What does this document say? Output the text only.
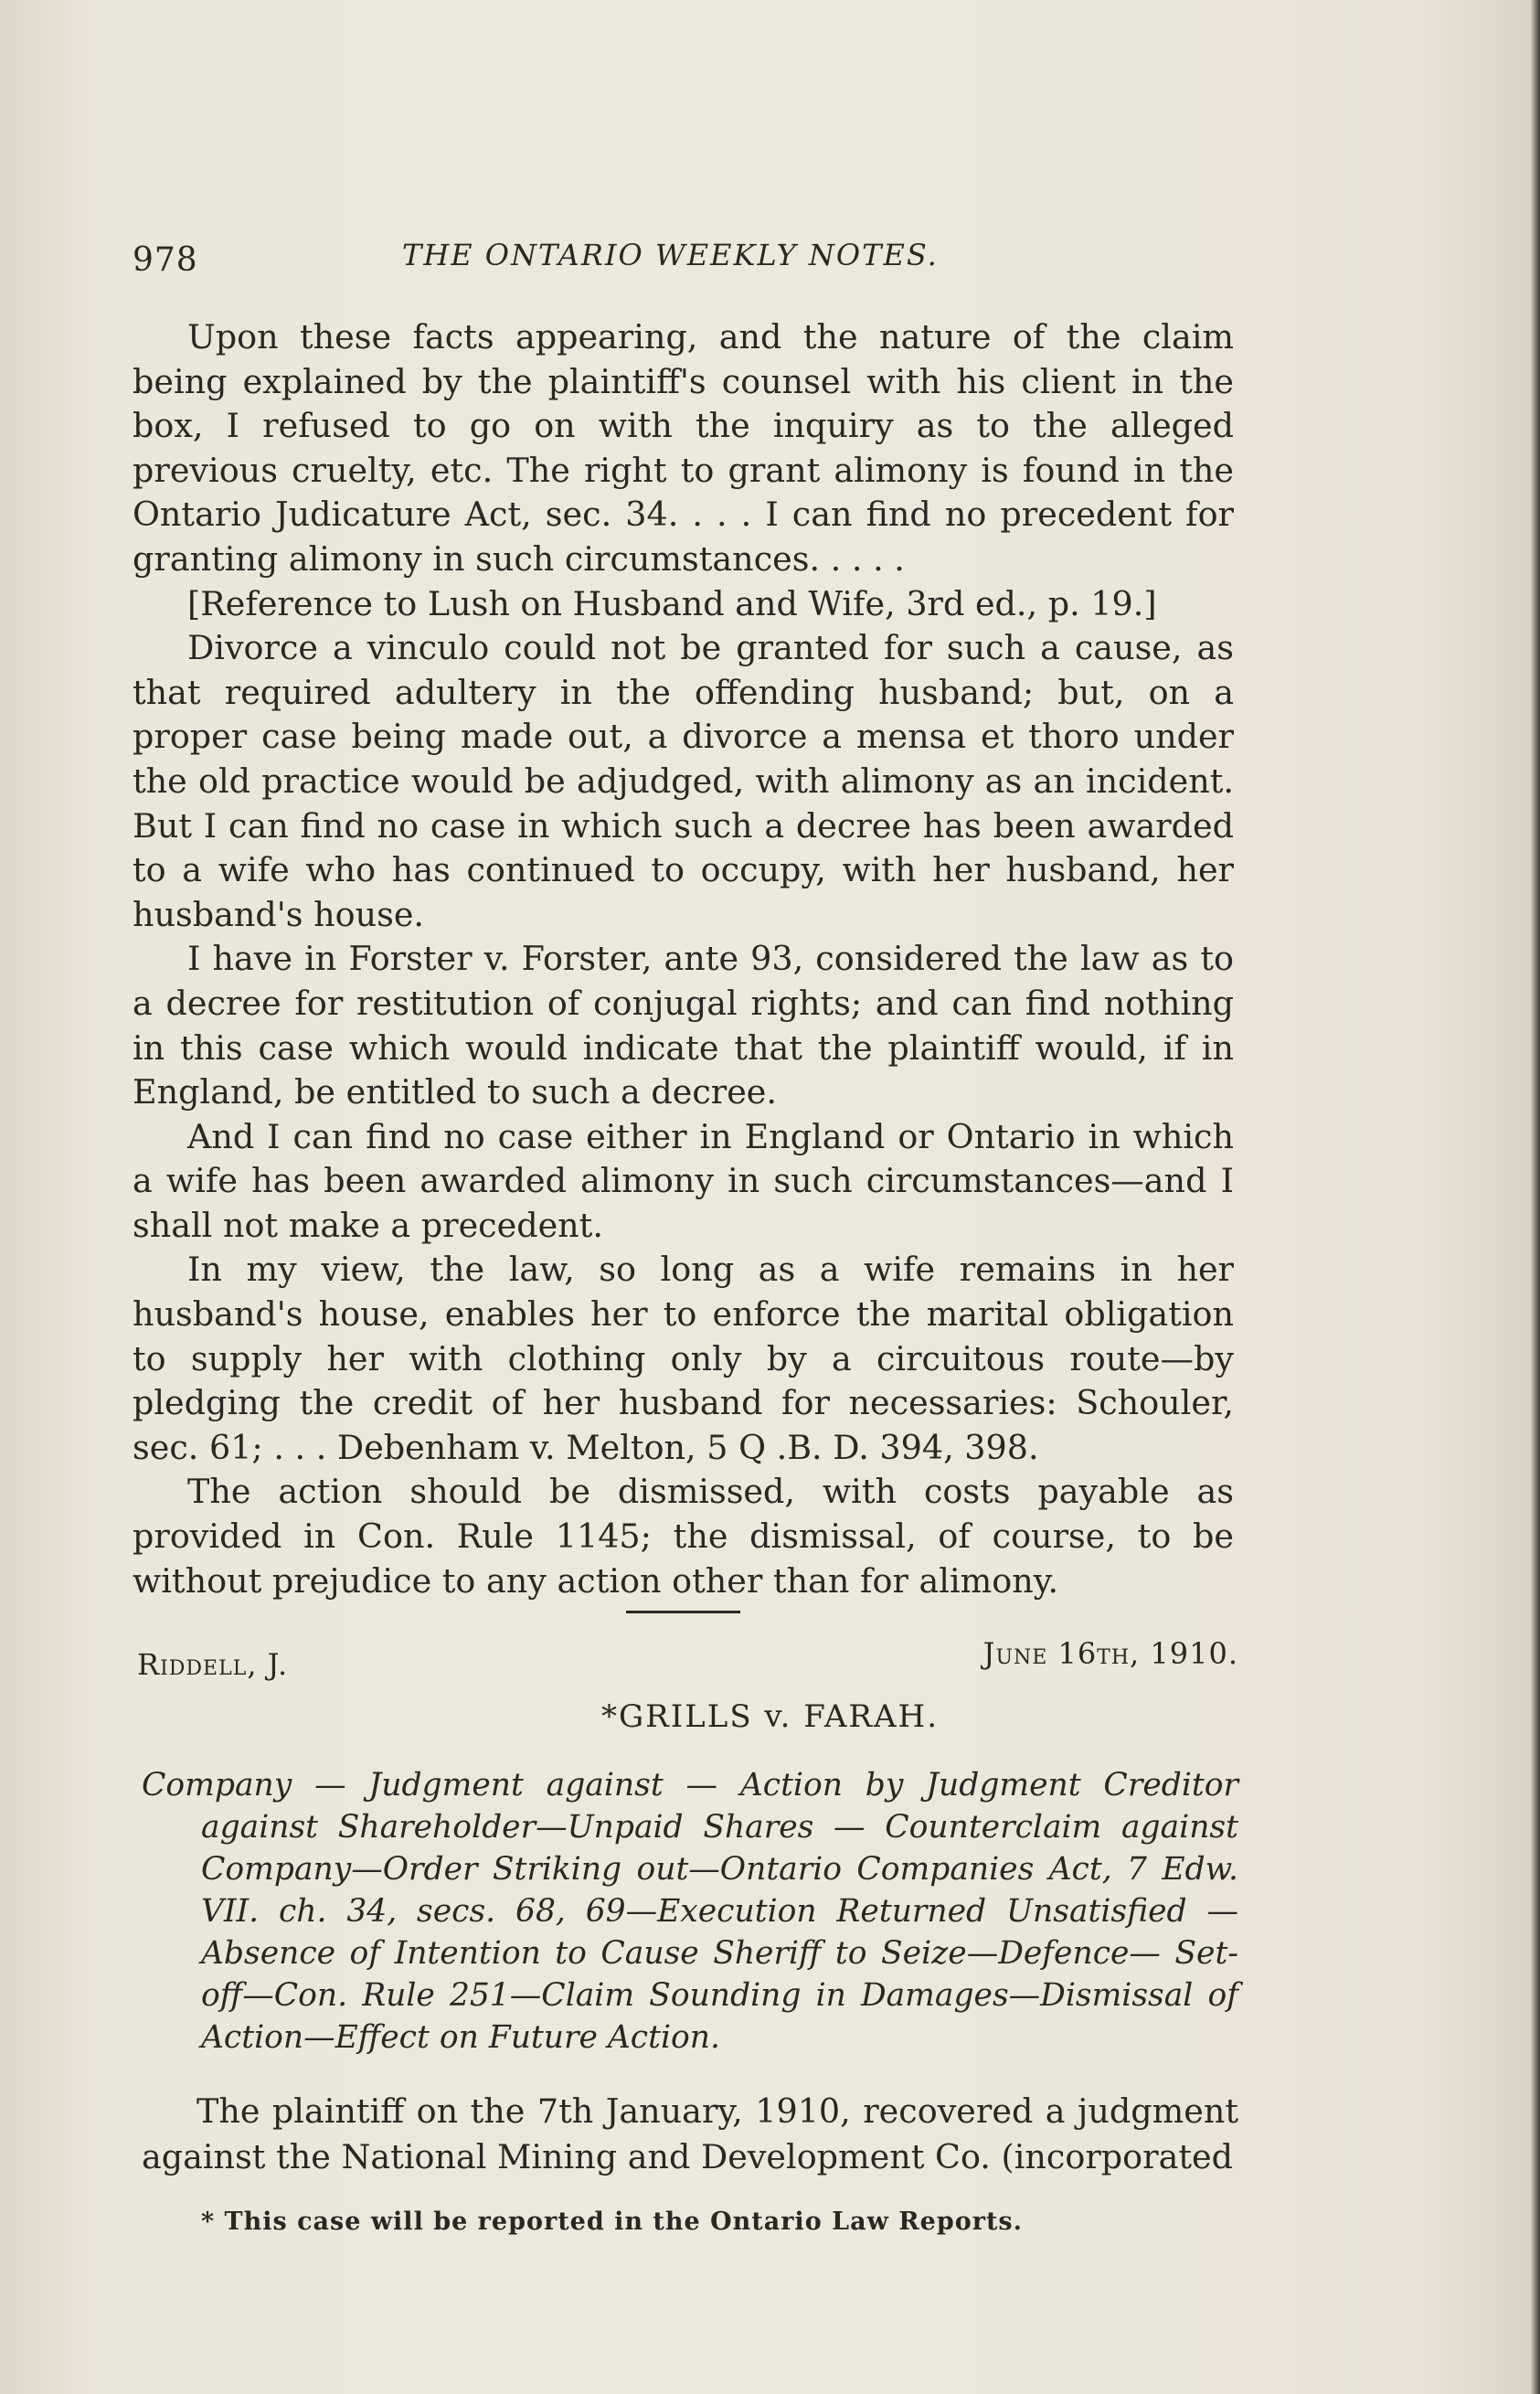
978	THE ONTARIO WEEKLY NOTES.

Upon these facts appearing, and the nature of the claim being explained by the plaintiff's counsel with his client in the box, I refused to go on with the inquiry as to the alleged previous cruelty, etc. The right to grant alimony is found in the Ontario Judicature Act, sec. 34. . . . I can find no precedent for granting alimony in such circumstances. . . . .

[Reference to Lush on Husband and Wife, 3rd ed., p. 19.]

Divorce a vinculo could not be granted for such a cause, as that required adultery in the offending husband; but, on a proper case being made out, a divorce a mensa et thoro under the old practice would be adjudged, with alimony as an incident. But I can find no case in which such a decree has been awarded to a wife who has continued to occupy, with her husband, her husband's house.

I have in Forster v. Forster, ante 93, considered the law as to a decree for restitution of conjugal rights; and can find nothing in this case which would indicate that the plaintiff would, if in England, be entitled to such a decree.

And I can find no case either in England or Ontario in which a wife has been awarded alimony in such circumstances—and I shall not make a precedent.

In my view, the law, so long as a wife remains in her husband's house, enables her to enforce the marital obligation to supply her with clothing only by a circuitous route—by pledging the credit of her husband for necessaries: Schouler, sec. 61; . . . Debenham v. Melton, 5 Q .B. D. 394, 398.

The action should be dismissed, with costs payable as provided in Con. Rule 1145; the dismissal, of course, to be without prejudice to any action other than for alimony.

Riddell, J.	June 16th, 1910.
*GRILLS v. FARAH.
Company — Judgment against — Action by Judgment Creditor against Shareholder—Unpaid Shares — Counterclaim against Company—Order Striking out—Ontario Companies Act, 7 Edw. VII. ch. 34, secs. 68, 69—Execution Returned Unsatisfied —Absence of Intention to Cause Sheriff to Seize—Defence— Set-off—Con. Rule 251—Claim Sounding in Damages—Dismissal of Action—Effect on Future Action.

The plaintiff on the 7th January, 1910, recovered a judgment against the National Mining and Development Co. (incorporated

* This case will be reported in the Ontario Law Reports.
